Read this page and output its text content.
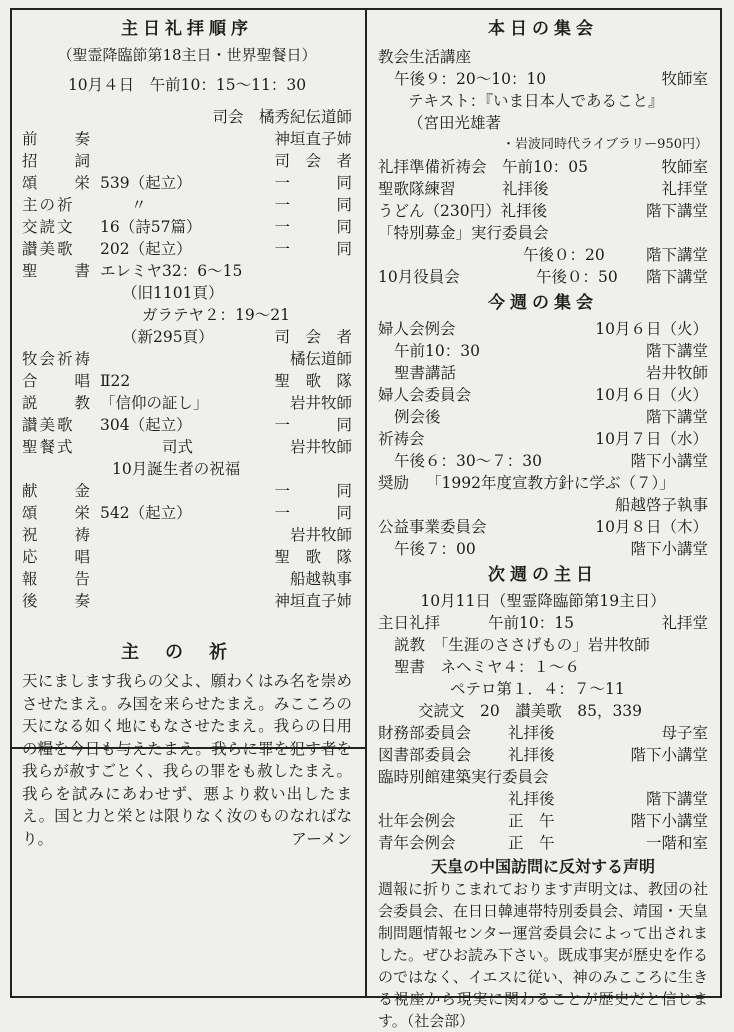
主日礼拝順序
（聖霊降臨節第18主日・世界聖餐日）
10月４日　午前10：15〜11：30
司会　橘秀紀伝道師
前　　奏	神垣直子姉
招　　詞	司　会　者
頌　　栄 539（起立）	一　　　同
主の祈	　　〃	一　　　同
交読文	16（詩57篇）	一　　　同
讃美歌	202（起立）	一　　　同
聖　　書 エレミヤ32：6〜15
（旧1101頁）
ガラテヤ２：19〜21
（新295頁）	司　会　者
牧会祈祷	橘伝道師
合　　唱 Ⅱ22	聖　歌　隊
説　　教 「信仰の証し」	岩井牧師
讃美歌	304（起立）	一　　　同
聖餐式	　　　　司式	岩井牧師
10月誕生者の祝福
献　　金	一　　　同
頌　　栄 542（起立）	一　　　同
祝　　祷	岩井牧師
応　　唱	聖　歌　隊
報　　告	船越執事
後　　奏	神垣直子姉
主の祈
天にまします我らの父よ、願わくはみ名を崇めさせたまえ。み国を来らせたまえ。みこころの天になる如く地にもなさせたまえ。我らの日用の糧を今日も与えたまえ。我らに罪を犯す者を我らが赦すごとく、我らの罪をも赦したまえ。我らを試みにあわせず、悪より救い出したまえ。国と力と栄とは限りなく汝のものなればなり。	アーメン
本日の集会
教会生活講座
午後９：20〜10：10	牧師室
テキスト：『いま日本人であること』
（宮田光雄著
・岩波同時代ライブラリー950円）
礼拝準備祈祷会　午前10：05	牧師室
聖歌隊練習　　　礼拝後	礼拝堂
うどん（230円）礼拝後	階下講堂
「特別募金」実行委員会
午後０：20	階下講堂
10月役員会	午後０：50	階下講堂
今週の集会
婦人会例会	10月６日（火）
午前10：30	階下講堂
聖書講話	岩井牧師
婦人会委員会	10月６日（火）
例会後	階下講堂
祈祷会	10月７日（水）
午後６：30〜７：30	階下小講堂
奨励	「1992年度宣教方針に学ぶ（７）」
船越啓子執事
公益事業委員会	10月８日（木）
午後７：00	階下小講堂
次週の主日
10月11日（聖霊降臨節第19主日）
主日礼拝	午前10：15	礼拝堂
説教　「生涯のささげもの」岩井牧師
聖書　ネヘミヤ４：１〜６
ペテロ第１．４：７〜11
交読文　20　讃美歌　85，339
財務部委員会	礼拝後	母子室
図書部委員会	礼拝後	階下小講堂
臨時別館建築実行委員会
礼拝後	階下講堂
壮年会例会	正　午	階下小講堂
青年会例会	正　午	一階和室
天皇の中国訪問に反対する声明
週報に折りこまれております声明文は、教団の社会委員会、在日日韓連帯特別委員会、靖国・天皇制問題情報センター運営委員会によって出されました。ぜひお読み下さい。既成事実が歴史を作るのではなく、イエスに従い、神のみこころに生きる視座から現実に関わることが歴史だと信じます。（社会部）
